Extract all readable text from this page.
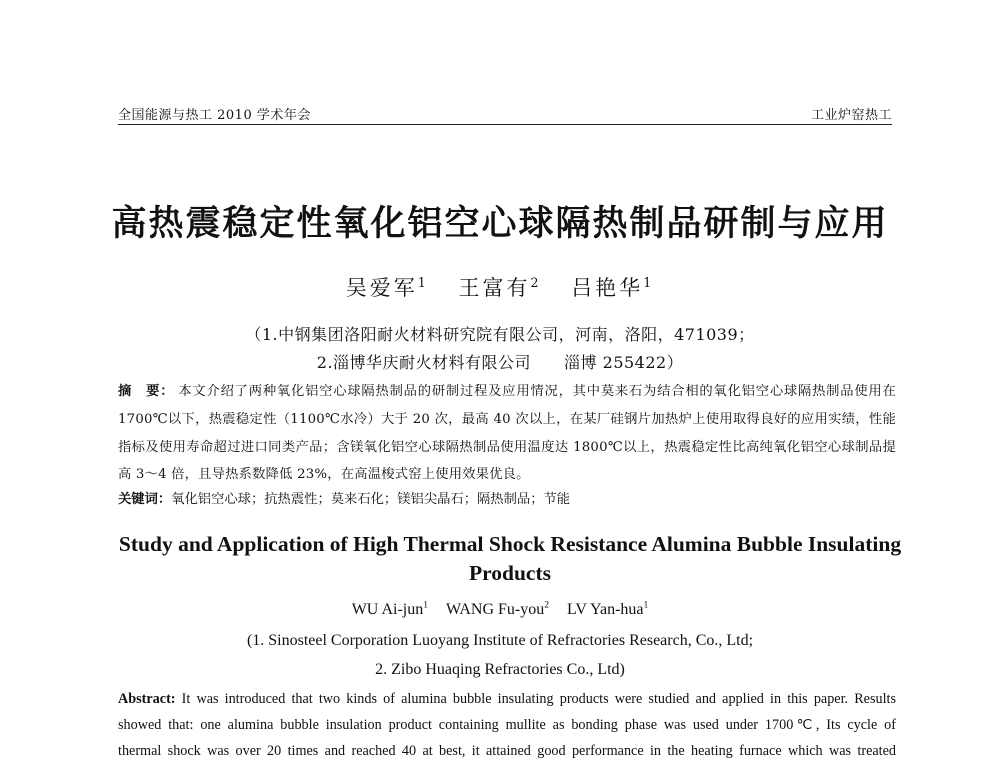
全国能源与热工 2010 学术年会	工业炉窑热工
高热震稳定性氧化铝空心球隔热制品研制与应用
吴爱军$^1$ 王富有$^2$ 吕艳华$^1$
（1.中钢集团洛阳耐火材料研究院有限公司，河南，洛阳，471039；
2.淄博华庆耐火材料有限公司　　淄博 255422）
摘　要： 本文介绍了两种氧化铝空心球隔热制品的研制过程及应用情况，其中莫来石为结合相的氧化铝空心球隔热制品使用在 1700℃以下，热震稳定性（1100℃水冷）大于 20 次，最高 40 次以上，在某厂硅钢片加热炉上使用取得良好的应用实绩，性能指标及使用寿命超过进口同类产品；含镁氧化铝空心球隔热制品使用温度达 1800℃以上，热震稳定性比高纯氧化铝空心球制品提高 3～4 倍，且导热系数降低 23%，在高温梭式窑上使用效果优良。
关键词：氧化铝空心球；抗热震性；莫来石化；镁铝尖晶石；隔热制品；节能
Study and Application of High Thermal Shock Resistance Alumina Bubble Insulating Products
WU Ai-jun$^1$ WANG Fu-you$^2$ LV Yan-hua$^1$
(1. Sinosteel Corporation Luoyang Institute of Refractories Research, Co., Ltd;
2. Zibo Huaqing Refractories Co., Ltd)
Abstract: It was introduced that two kinds of alumina bubble insulating products were studied and applied in this paper. Results
showed that: one alumina bubble insulation product containing mullite as bonding phase was used under 1700℃, Its cycle of
thermal shock was over 20 times and reached 40 at best, it attained good performance in the heating furnace which was treated
